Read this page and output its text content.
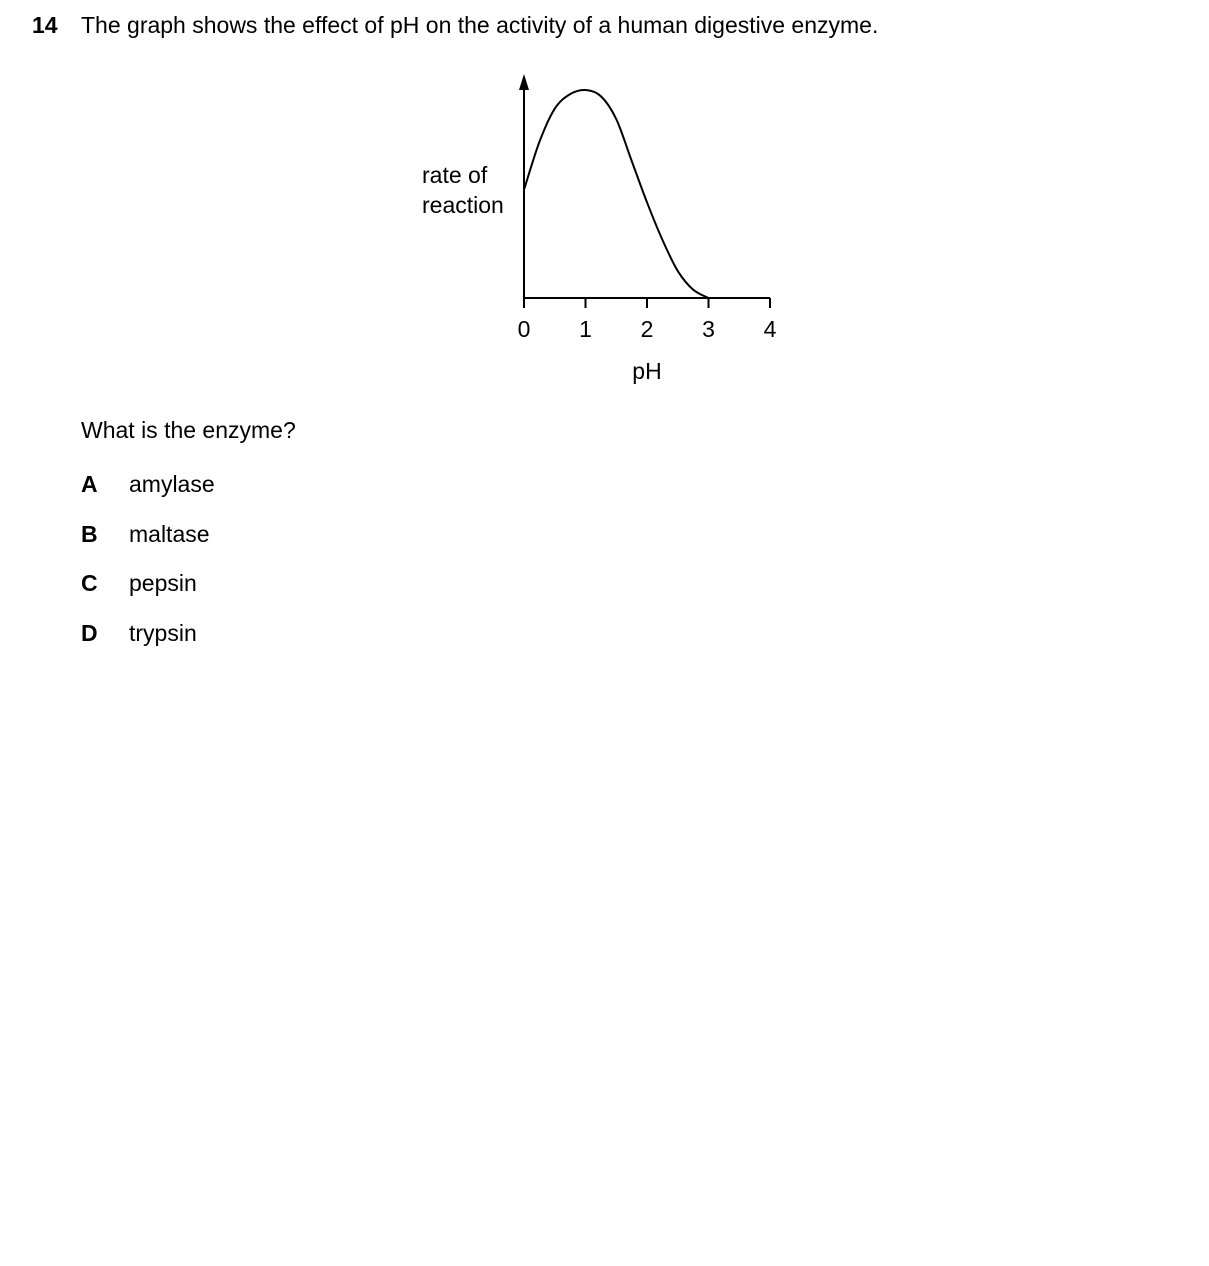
14 The graph shows the effect of pH on the activity of a human digestive enzyme.
0 1 2 3 4
pH
rate of
reaction
What is the enzyme?
A	amylase
B	maltase
C	pepsin
D	trypsin
